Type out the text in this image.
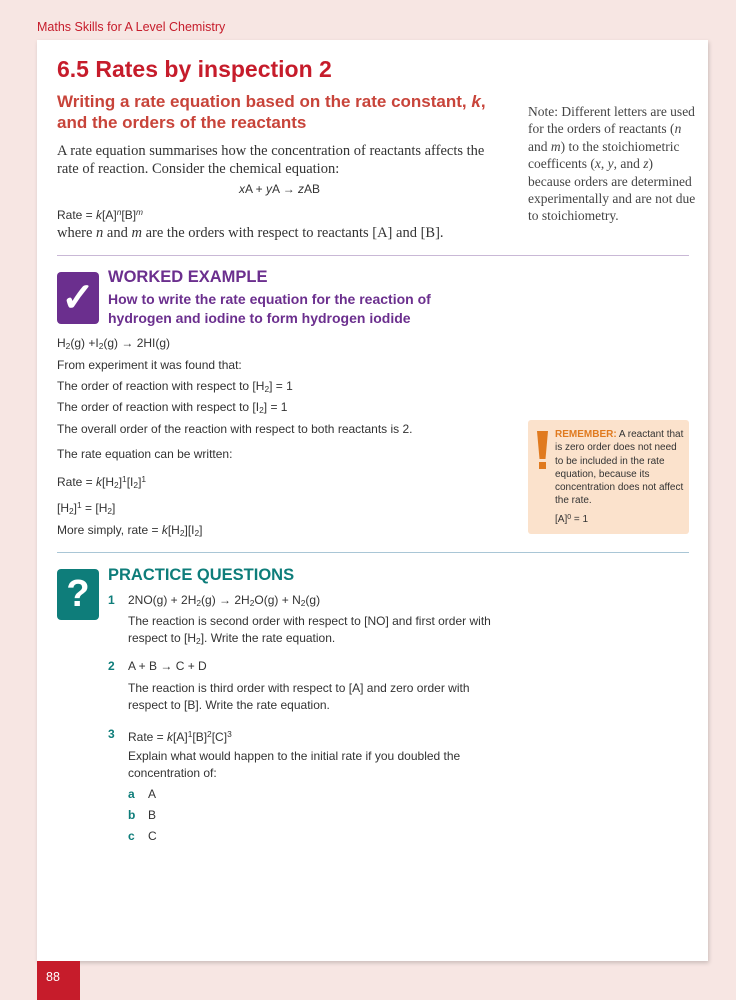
Maths Skills for A Level Chemistry
6.5 Rates by inspection 2
Writing a rate equation based on the rate constant, k, and the orders of the reactants
A rate equation summarises how the concentration of reactants affects the rate of reaction. Consider the chemical equation:
xA + yA → zAB
Rate = $k[A]^n[B]^m$
where n and m are the orders with respect to reactants [A] and [B].
Note: Different letters are used for the orders of reactants (n and m) to the stoichiometric coefficents (x, y, and z) because orders are determined experimentally and are not due to stoichiometry.
✓ WORKED EXAMPLE
How to write the rate equation for the reaction of hydrogen and iodine to form hydrogen iodide
$H_2(g) +I_2(g) \to 2HI(g)$
From experiment it was found that:
The order of reaction with respect to $[H_2] = 1$
The order of reaction with respect to $[I_2] = 1$
The overall order of the reaction with respect to both reactants is 2.
The rate equation can be written:
Rate = $k[H_2]^1[I_2]^1$
$[H_2]^1 = [H_2]$
More simply, rate = $k[H_2][I_2]$
REMEMBER: A reactant that is zero order does not need to be included in the rate equation, because its concentration does not affect the rate.
$[A]^0 = 1$
?	PRACTICE QUESTIONS
1 $2NO(g) + 2H_2(g) \to 2H_2O(g) + N_2(g)$
The reaction is second order with respect to [NO] and first order with respect to $[H_2]$. Write the rate equation.
2 A + B → C + D
The reaction is third order with respect to [A] and zero order with respect to [B]. Write the rate equation.
3 Rate = $k[A]^1[B]^2[C]^3$
Explain what would happen to the initial rate if you doubled the concentration of:
a A
b B
c C
88
